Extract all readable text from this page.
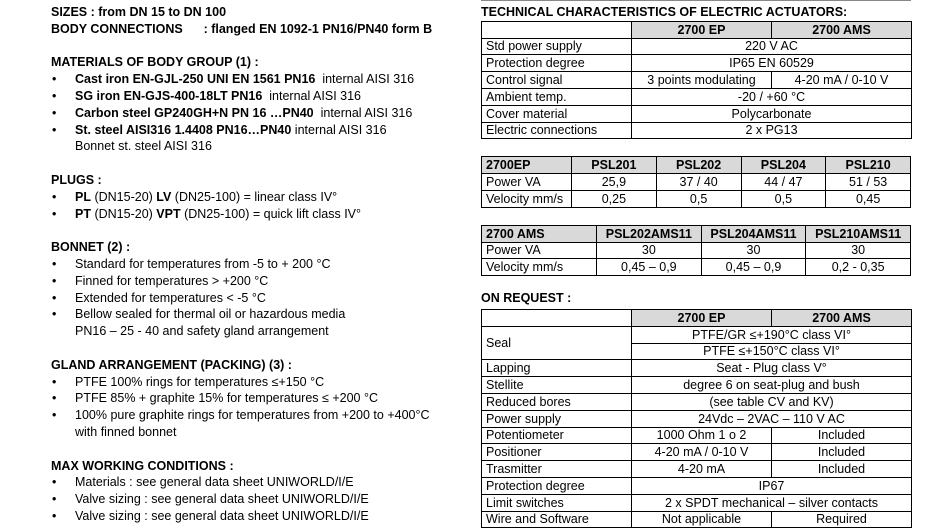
SIZES : from DN 15 to DN 100
BODY CONNECTIONS      : flanged EN 1092-1 PN16/PN40 form B
MATERIALS OF BODY GROUP (1) :
• Cast iron EN-GJL-250 UNI EN 1561 PN16  internal AISI 316
• SG iron EN-GJS-400-18LT PN16  internal AISI 316
• Carbon steel GP240GH+N PN 16 …PN40  internal AISI 316
• St. steel AISI316 1.4408 PN16…PN40 internal AISI 316
Bonnet st. steel AISI 316
PLUGS :
• PL (DN15-20) LV (DN25-100) = linear class IV°
• PT (DN15-20) VPT (DN25-100) = quick lift class IV°
BONNET (2) :
• Standard for temperatures from -5 to + 200 °C
• Finned for temperatures > +200 °C
• Extended for temperatures < -5 °C
• Bellow sealed for thermal oil or hazardous media
PN16 – 25 - 40 and safety gland arrangement
GLAND ARRANGEMENT (PACKING) (3) :
• PTFE 100% rings for temperatures ≤+150 °C
• PTFE 85% + graphite 15% for temperatures ≤ +200 °C
• 100% pure graphite rings for temperatures from +200 to +400°C
with finned bonnet
MAX WORKING CONDITIONS :
• Materials : see general data sheet UNIWORLD/I/E
• Valve sizing : see general data sheet UNIWORLD/I/E
• Valve sizing : see general data sheet UNIWORLD/I/E
TECHNICAL CHARACTERISTICS OF ELECTRIC ACTUATORS:
	2700 EP	2700 AMS
Std power supply	220 V AC	
Protection degree	IP65 EN 60529	
Control signal	3 points modulating	4-20 mA / 0-10 V
Ambient temp.	-20 / +60 °C	
Cover material	Polycarbonate	
Electric connections	2 x PG13	
2700EP	PSL201	PSL202	PSL204	PSL210
Power VA	25,9	37 / 40	44 / 47	51 / 53
Velocity mm/s	0,25	0,5	0,5	0,45
2700 AMS	PSL202AMS11	PSL204AMS11	PSL210AMS11
Power VA	30	30	30
Velocity mm/s	0,45 – 0,9	0,45 – 0,9	0,2 - 0,35
ON REQUEST :
	2700 EP	2700 AMS
Seal	PTFE/GR ≤+190°C class VI°	
	PTFE ≤+150°C class VI°	
Lapping	Seat - Plug class V°	
Stellite	degree 6 on seat-plug and bush	
Reduced bores	(see table CV and KV)	
Power supply	24Vdc – 2VAC – 110 V AC	
Potentiometer	1000 Ohm 1 o 2	Included
Positioner	4-20 mA / 0-10 V	Included
Trasmitter	4-20 mA	Included
Protection degree	IP67	
Limit switches	2 x SPDT mechanical – silver contacts	
Wire and Software	Not applicable	Required
